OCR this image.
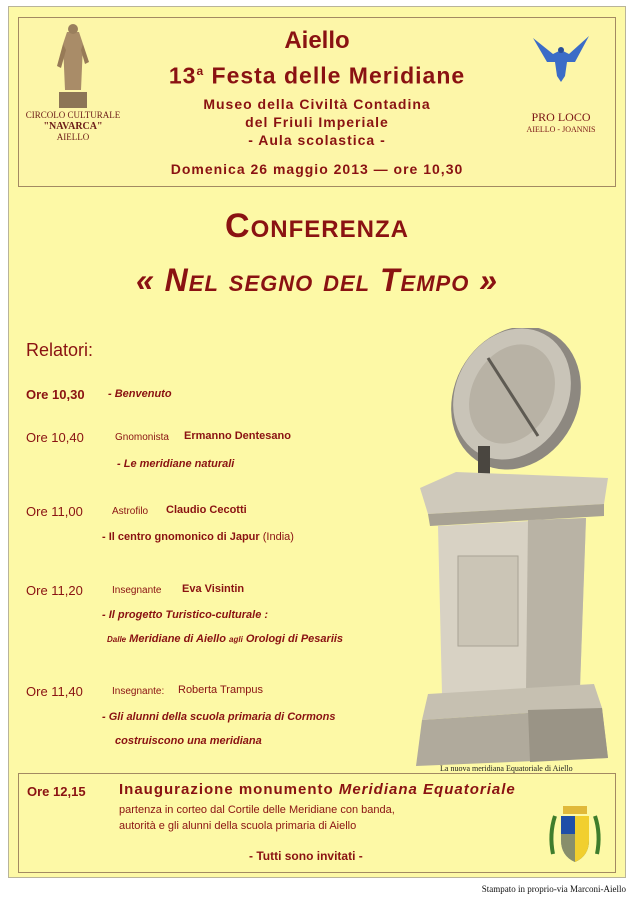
CIRCOLO CULTURALE
"NAVARCA"
AIELLO
Aiello
13$^a$ Festa delle Meridiane
Museo della Civiltà Contadina
del Friuli Imperiale
- Aula scolastica -
PRO LOCO
AIELLO - JOANNIS
Domenica 26 maggio 2013 — ore 10,30
Conferenza
« Nel segno del Tempo »
Relatori:
Ore 10,30 - Benvenuto
Ore 10,40	Gnomonista Ermanno Dentesano
- Le meridiane naturali
Ore 11,00	Astrofilo Claudio Cecotti
- Il centro gnomonico di Japur (India)
Ore 11,20	Insegnante Eva Visintin
- Il progetto Turistico-culturale :
Dalle Meridiane di Aiello agli Orologi di Pesariis
Ore 11,40	Insegnante: Roberta Trampus
- Gli alunni della scuola primaria di Cormons
costruiscono una meridiana
La nuova meridiana Equatoriale di Aiello
Ore 12,15 Inaugurazione monumento Meridiana Equatoriale
partenza in corteo dal Cortile delle Meridiane con banda,
autorità e gli alunni della scuola primaria di Aiello
- Tutti sono invitati -
Stampato in proprio-via Marconi-Aiello
